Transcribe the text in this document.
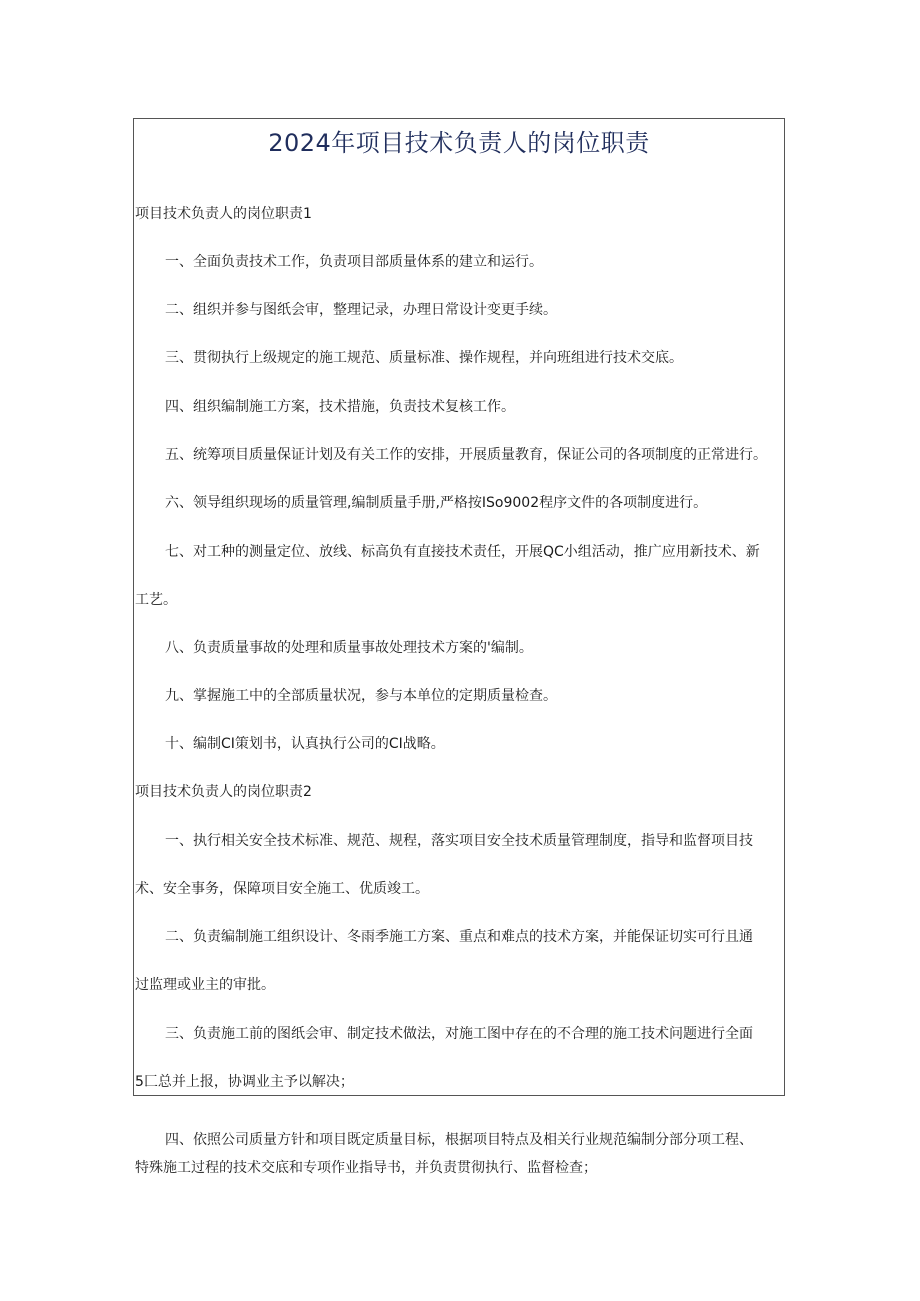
2024年项目技术负责人的岗位职责
项目技术负责人的岗位职责1
一、全面负责技术工作，负责项目部质量体系的建立和运行。
二、组织并参与图纸会审，整理记录，办理日常设计变更手续。
三、贯彻执行上级规定的施工规范、质量标准、操作规程，并向班组进行技术交底。
四、组织编制施工方案，技术措施，负责技术复核工作。
五、统筹项目质量保证计划及有关工作的安排，开展质量教育，保证公司的各项制度的正常进行。
六、领导组织现场的质量管理,编制质量手册,严格按ISo9002程序文件的各项制度进行。
七、对工种的测量定位、放线、标高负有直接技术责任，开展QC小组活动，推广应用新技术、新
工艺。
八、负责质量事故的处理和质量事故处理技术方案的'编制。
九、掌握施工中的全部质量状况，参与本单位的定期质量检查。
十、编制CI策划书，认真执行公司的CI战略。
项目技术负责人的岗位职责2
一、执行相关安全技术标准、规范、规程，落实项目安全技术质量管理制度，指导和监督项目技
术、安全事务，保障项目安全施工、优质竣工。
二、负责编制施工组织设计、冬雨季施工方案、重点和难点的技术方案，并能保证切实可行且通
过监理或业主的审批。
三、负责施工前的图纸会审、制定技术做法，对施工图中存在的不合理的施工技术问题进行全面
5匚总并上报，协调业主予以解决；
四、依照公司质量方针和项目既定质量目标，根据项目特点及相关行业规范编制分部分项工程、
特殊施工过程的技术交底和专项作业指导书，并负责贯彻执行、监督检查；
